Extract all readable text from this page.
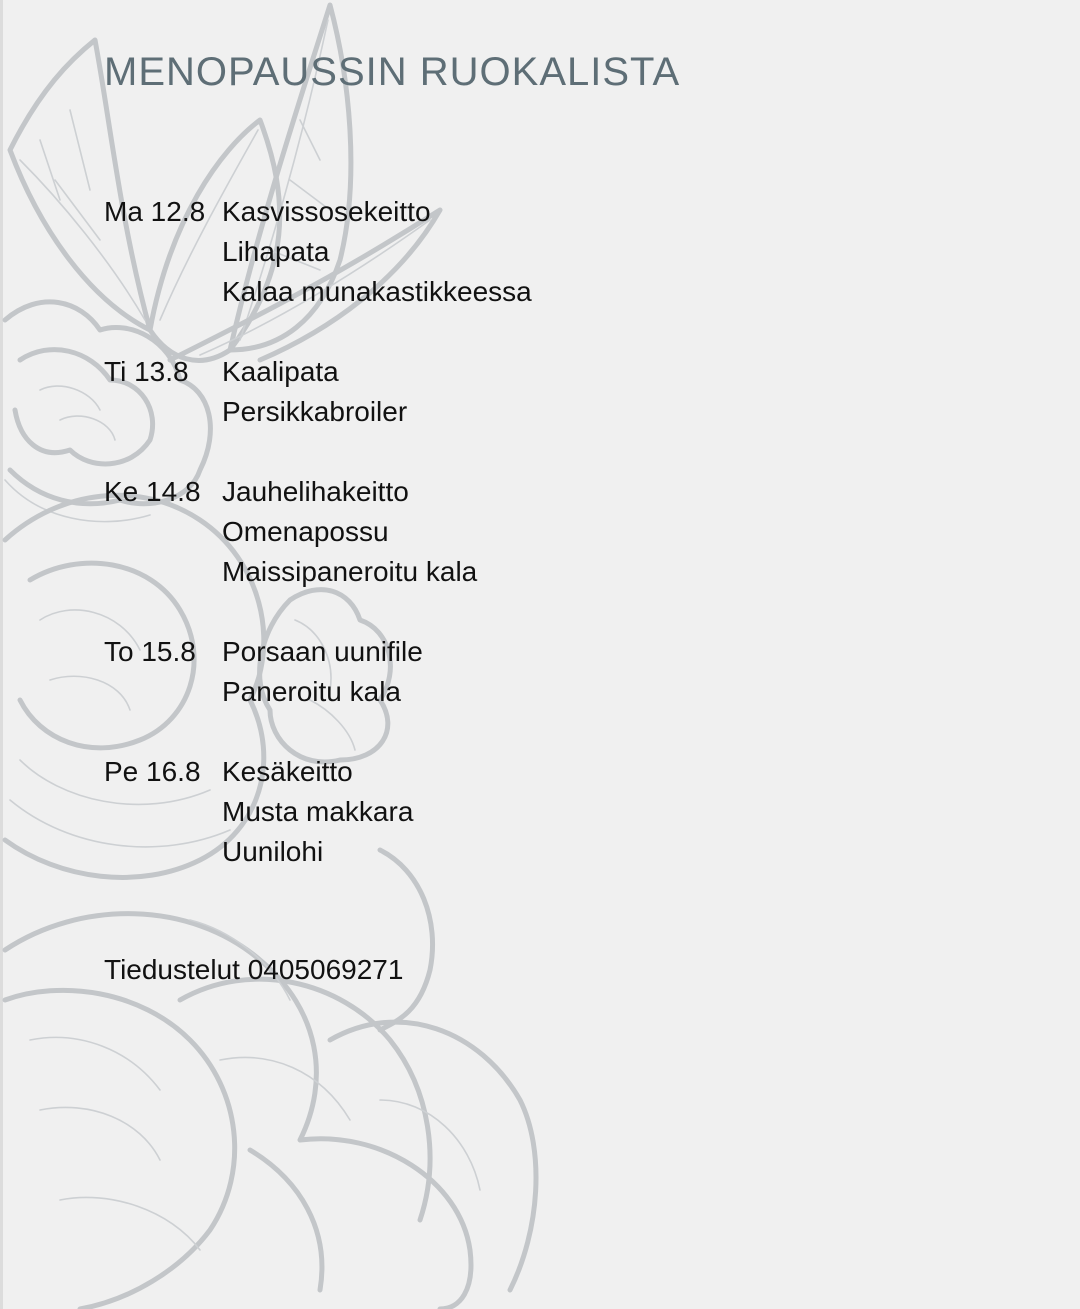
MENOPAUSSIN RUOKALISTA
Ma 12.8 Kasvissosekeitto
Lihapata
Kalaa munakastikkeessa
Ti 13.8	Kaalipata
Persikkabroiler
Ke 14.8 Jauhelihakeitto
Omenapossu
Maissipaneroitu kala
To 15.8 Porsaan uunifile
Paneroitu kala
Pe 16.8 Kesäkeitto
Musta makkara
Uunilohi
Tiedustelut 0405069271
